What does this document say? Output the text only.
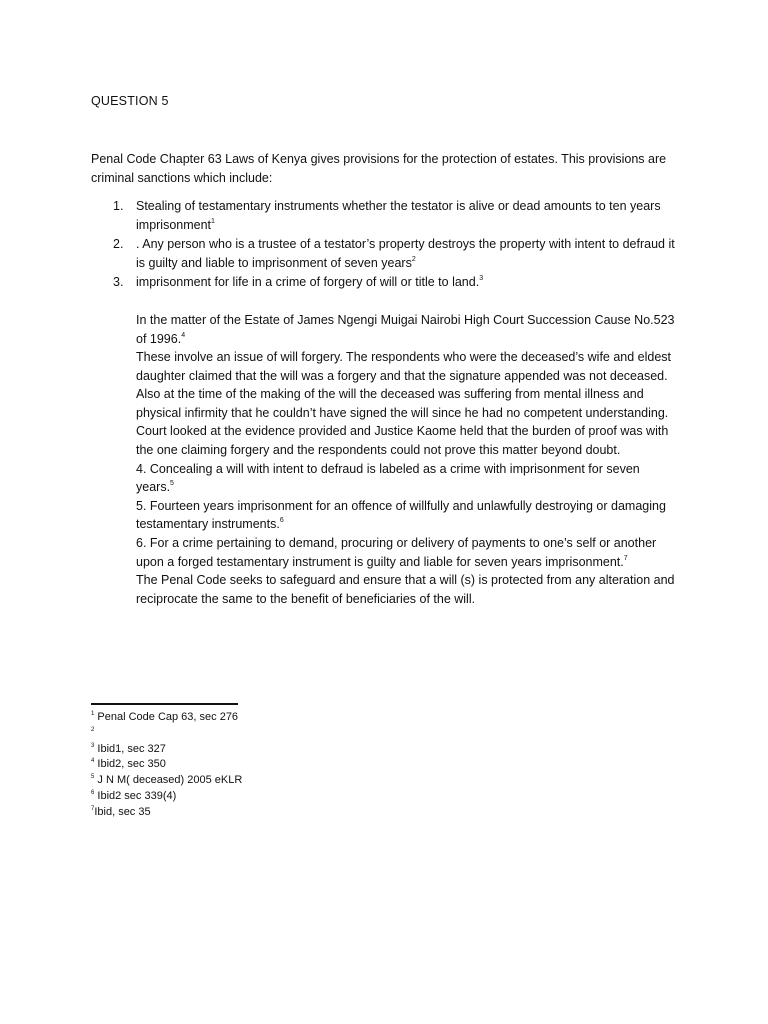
QUESTION 5
Penal Code Chapter 63 Laws of Kenya gives provisions for the protection of estates. This provisions are criminal sanctions which include:
1. Stealing of testamentary instruments whether the testator is alive or dead amounts to ten years imprisonment$^1$
2. . Any person who is a trustee of a testator’s property destroys the property with intent to defraud it is guilty and liable to imprisonment of seven years$^2$
3. imprisonment for life in a crime of forgery of will or title to land.$^3$
In the matter of the Estate of James Ngengi Muigai Nairobi High Court Succession Cause No.523 of 1996.$^4$

These involve an issue of will forgery. The respondents who were the deceased’s wife and eldest daughter claimed that the will was a forgery and that the signature appended was not deceased. Also at the time of the making of the will the deceased was suffering from mental illness and physical infirmity that he couldn’t have signed the will since he had no competent understanding. Court looked at the evidence provided and Justice Kaome held that the burden of proof was with the one claiming forgery and the respondents could not prove this matter beyond doubt.

4. Concealing a will with intent to defraud is labeled as a crime with imprisonment for seven years.$^5$

5. Fourteen years imprisonment for an offence of willfully and unlawfully destroying or damaging testamentary instruments.$^6$

6. For a crime pertaining to demand, procuring or delivery of payments to one’s self or another upon a forged testamentary instrument is guilty and liable for seven years imprisonment.$^7$

The Penal Code seeks to safeguard and ensure that a will (s) is protected from any alteration and reciprocate the same to the benefit of beneficiaries of the will.

$^1$ Penal Code Cap 63, sec 276
$^2$
$^3$ Ibid1, sec 327
$^4$ Ibid2, sec 350
$^5$ J N M( deceased) 2005 eKLR
$^6$ Ibid2 sec 339(4)
$^7$Ibid, sec 35
